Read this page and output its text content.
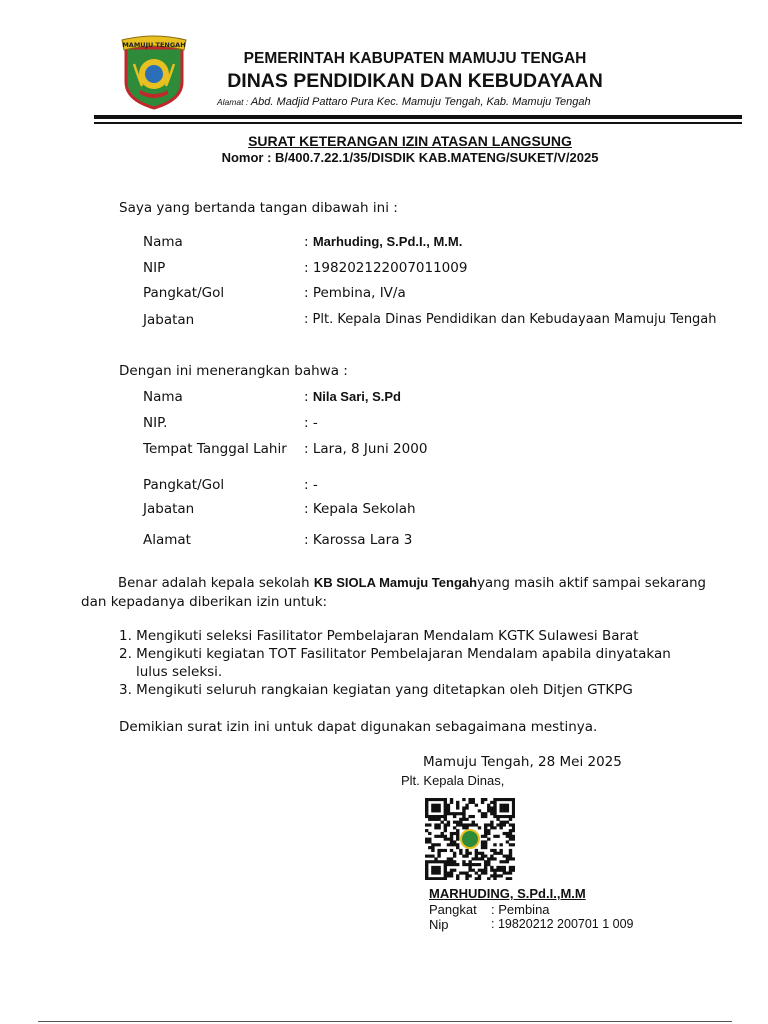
MAMUJU TENGAH
PEMERINTAH KABUPATEN MAMUJU TENGAH
DINAS PENDIDIKAN DAN KEBUDAYAAN
Alamat : Abd. Madjid Pattaro Pura Kec. Mamuju Tengah, Kab. Mamuju Tengah
SURAT KETERANGAN IZIN ATASAN LANGSUNG
Nomor : B/400.7.22.1/35/DISDIK KAB.MATENG/SUKET/V/2025
Saya yang bertanda tangan dibawah ini :
Nama	: Marhuding, S.Pd.I., M.M.
NIP	: 198202122007011009
Pangkat/Gol	: Pembina, IV/a
Jabatan	: Plt. Kepala Dinas Pendidikan dan Kebudayaan Mamuju Tengah
Dengan ini menerangkan bahwa :
Nama	: Nila Sari, S.Pd
NIP.	: -
Tempat Tanggal Lahir : Lara, 8 Juni 2000
Pangkat/Gol	: -
Jabatan	: Kepala Sekolah
Alamat	: Karossa Lara 3
Benar adalah kepala sekolah KB SIOLA Mamuju Tengahyang masih aktif sampai sekarang
dan kepadanya diberikan izin untuk:
1. Mengikuti seleksi Fasilitator Pembelajaran Mendalam KGTK Sulawesi Barat
2. Mengikuti kegiatan TOT Fasilitator Pembelajaran Mendalam apabila dinyatakan
lulus seleksi.
3. Mengikuti seluruh rangkaian kegiatan yang ditetapkan oleh Ditjen GTKPG
Demikian surat izin ini untuk dapat digunakan sebagaimana mestinya.
Mamuju Tengah, 28 Mei 2025
Plt. Kepala Dinas,
MARHUDING, S.Pd.I.,M.M
Pangkat : Pembina
Nip	: 19820212 200701 1 009
